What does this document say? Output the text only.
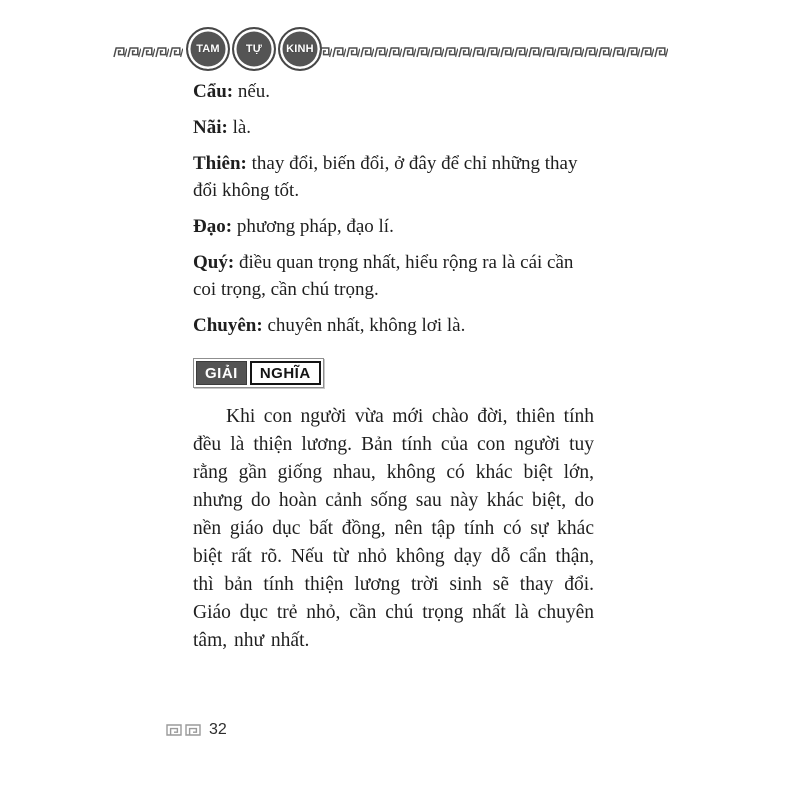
TAM TỰ KINH
Cẩu: nếu.
Nãi: là.
Thiên: thay đổi, biến đổi, ở đây để chỉ những thay đổi không tốt.
Đạo: phương pháp, đạo lí.
Quý: điều quan trọng nhất, hiểu rộng ra là cái cần coi trọng, cần chú trọng.
Chuyên: chuyên nhất, không lơi là.
GIẢI	NGHĨA

Khi con người vừa mới chào đời, thiên tính đều là thiện lương. Bản tính của con người tuy rằng gần giống nhau, không có khác biệt lớn, nhưng do hoàn cảnh sống sau này khác biệt, do nền giáo dục bất đồng, nên tập tính có sự khác biệt rất rõ. Nếu từ nhỏ không dạy dỗ cẩn thận, thì bản tính thiện lương trời sinh sẽ thay đổi. Giáo dục trẻ nhỏ, cần chú trọng nhất là chuyên tâm, như nhất.

32
